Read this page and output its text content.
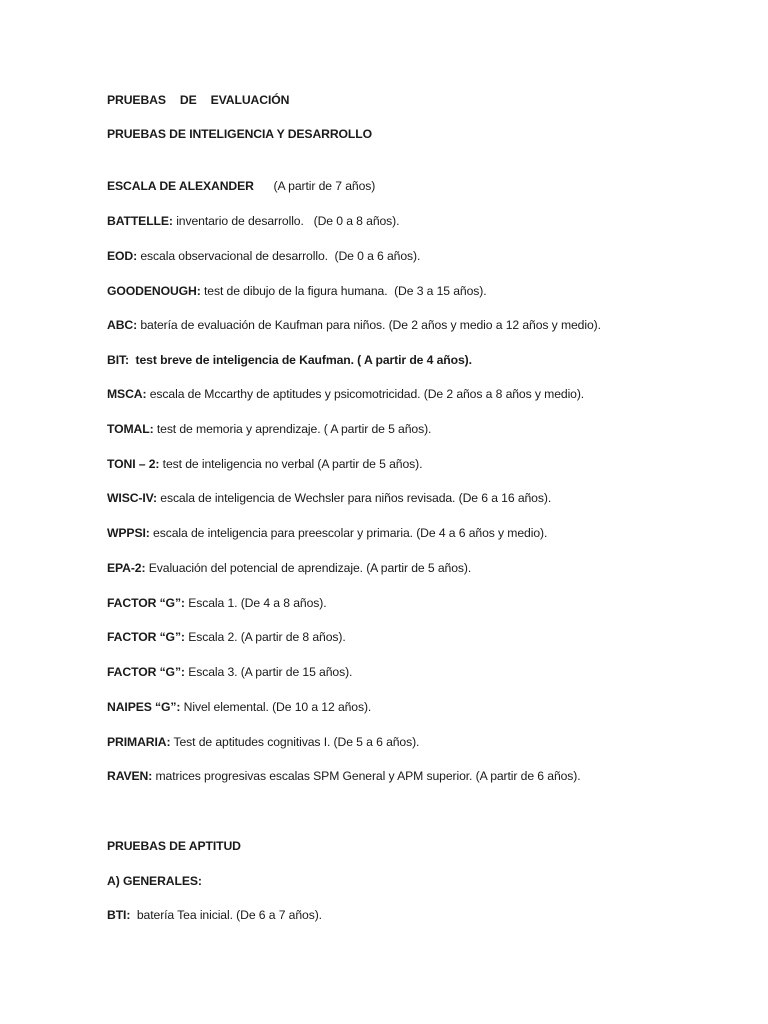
PRUEBAS DE EVALUACIÓN
PRUEBAS DE INTELIGENCIA Y DESARROLLO
ESCALA DE ALEXANDER      (A partir de 7 años)
BATTELLE: inventario de desarrollo.   (De 0 a 8 años).
EOD: escala observacional de desarrollo.  (De 0 a 6 años).
GOODENOUGH: test de dibujo de la figura humana.  (De 3 a 15 años).
ABC: batería de evaluación de Kaufman para niños. (De 2 años y medio a 12 años y medio).
BIT:  test breve de inteligencia de Kaufman. ( A partir de 4 años).
MSCA: escala de Mccarthy de aptitudes y psicomotricidad. (De 2 años a 8 años y medio).
TOMAL: test de memoria y aprendizaje. ( A partir de 5 años).
TONI – 2: test de inteligencia no verbal (A partir de 5 años).
WISC-IV: escala de inteligencia de Wechsler para niños revisada. (De 6 a 16 años).
WPPSI: escala de inteligencia para preescolar y primaria. (De 4 a 6 años y medio).
EPA-2: Evaluación del potencial de aprendizaje. (A partir de 5 años).
FACTOR “G”: Escala 1. (De 4 a 8 años).
FACTOR “G”: Escala 2. (A partir de 8 años).
FACTOR “G”: Escala 3. (A partir de 15 años).
NAIPES “G”: Nivel elemental. (De 10 a 12 años).
PRIMARIA: Test de aptitudes cognitivas I. (De 5 a 6 años).
RAVEN: matrices progresivas escalas SPM General y APM superior. (A partir de 6 años).
PRUEBAS DE APTITUD
A) GENERALES:
BTI:  batería Tea inicial. (De 6 a 7 años).
